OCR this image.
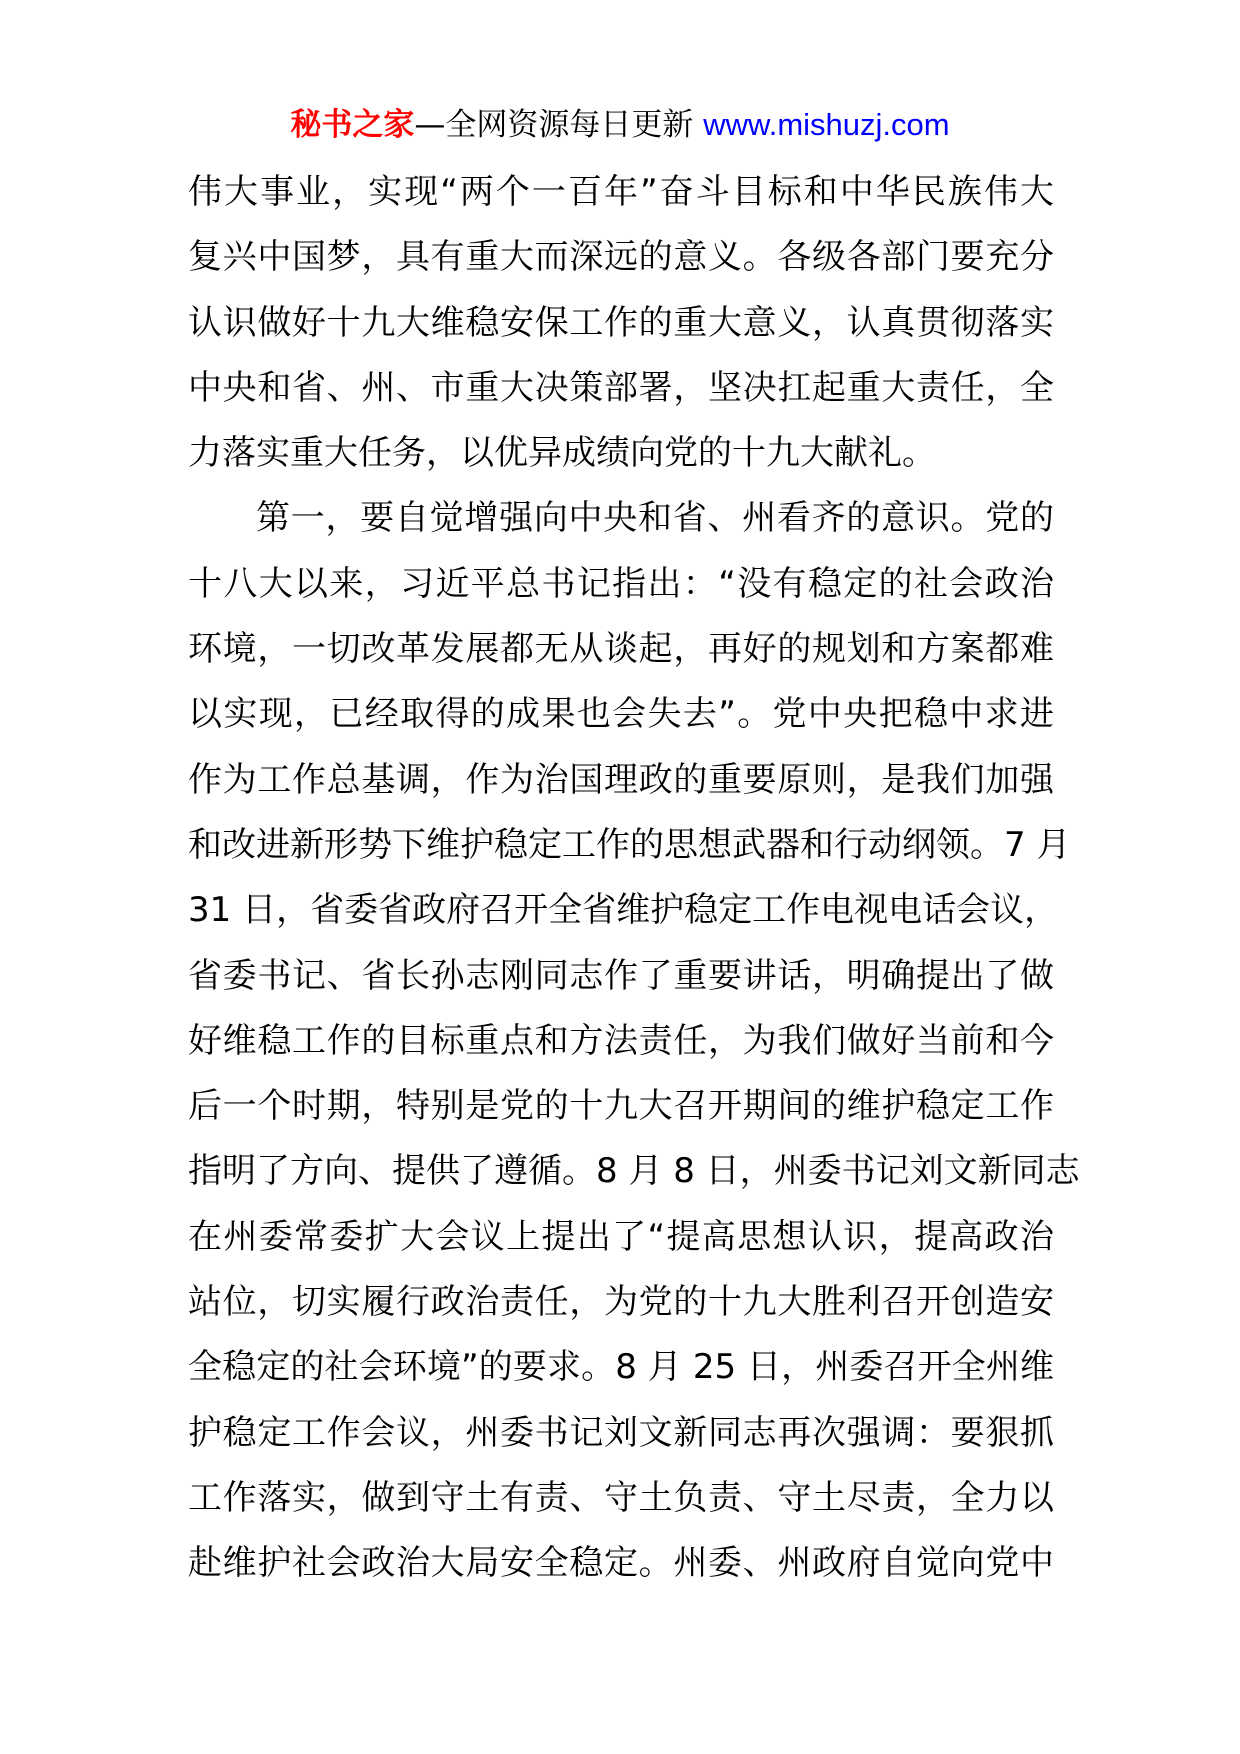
秘书之家—全网资源每日更新 www.mishuzj.com
伟大事业，实现“两个一百年”奋斗目标和中华民族伟大
复兴中国梦，具有重大而深远的意义。各级各部门要充分
认识做好十九大维稳安保工作的重大意义，认真贯彻落实
中央和省、州、市重大决策部署，坚决扛起重大责任，全
力落实重大任务，以优异成绩向党的十九大献礼。
第一，要自觉增强向中央和省、州看齐的意识。党的
十八大以来，习近平总书记指出：“没有稳定的社会政治
环境，一切改革发展都无从谈起，再好的规划和方案都难
以实现，已经取得的成果也会失去”。党中央把稳中求进
作为工作总基调，作为治国理政的重要原则，是我们加强
和改进新形势下维护稳定工作的思想武器和行动纲领。7 月
31 日，省委省政府召开全省维护稳定工作电视电话会议，
省委书记、省长孙志刚同志作了重要讲话，明确提出了做
好维稳工作的目标重点和方法责任，为我们做好当前和今
后一个时期，特别是党的十九大召开期间的维护稳定工作
指明了方向、提供了遵循。8 月 8 日，州委书记刘文新同志
在州委常委扩大会议上提出了“提高思想认识，提高政治
站位，切实履行政治责任，为党的十九大胜利召开创造安
全稳定的社会环境”的要求。8 月 25 日，州委召开全州维
护稳定工作会议，州委书记刘文新同志再次强调：要狠抓
工作落实，做到守土有责、守土负责、守土尽责，全力以
赴维护社会政治大局安全稳定。州委、州政府自觉向党中
